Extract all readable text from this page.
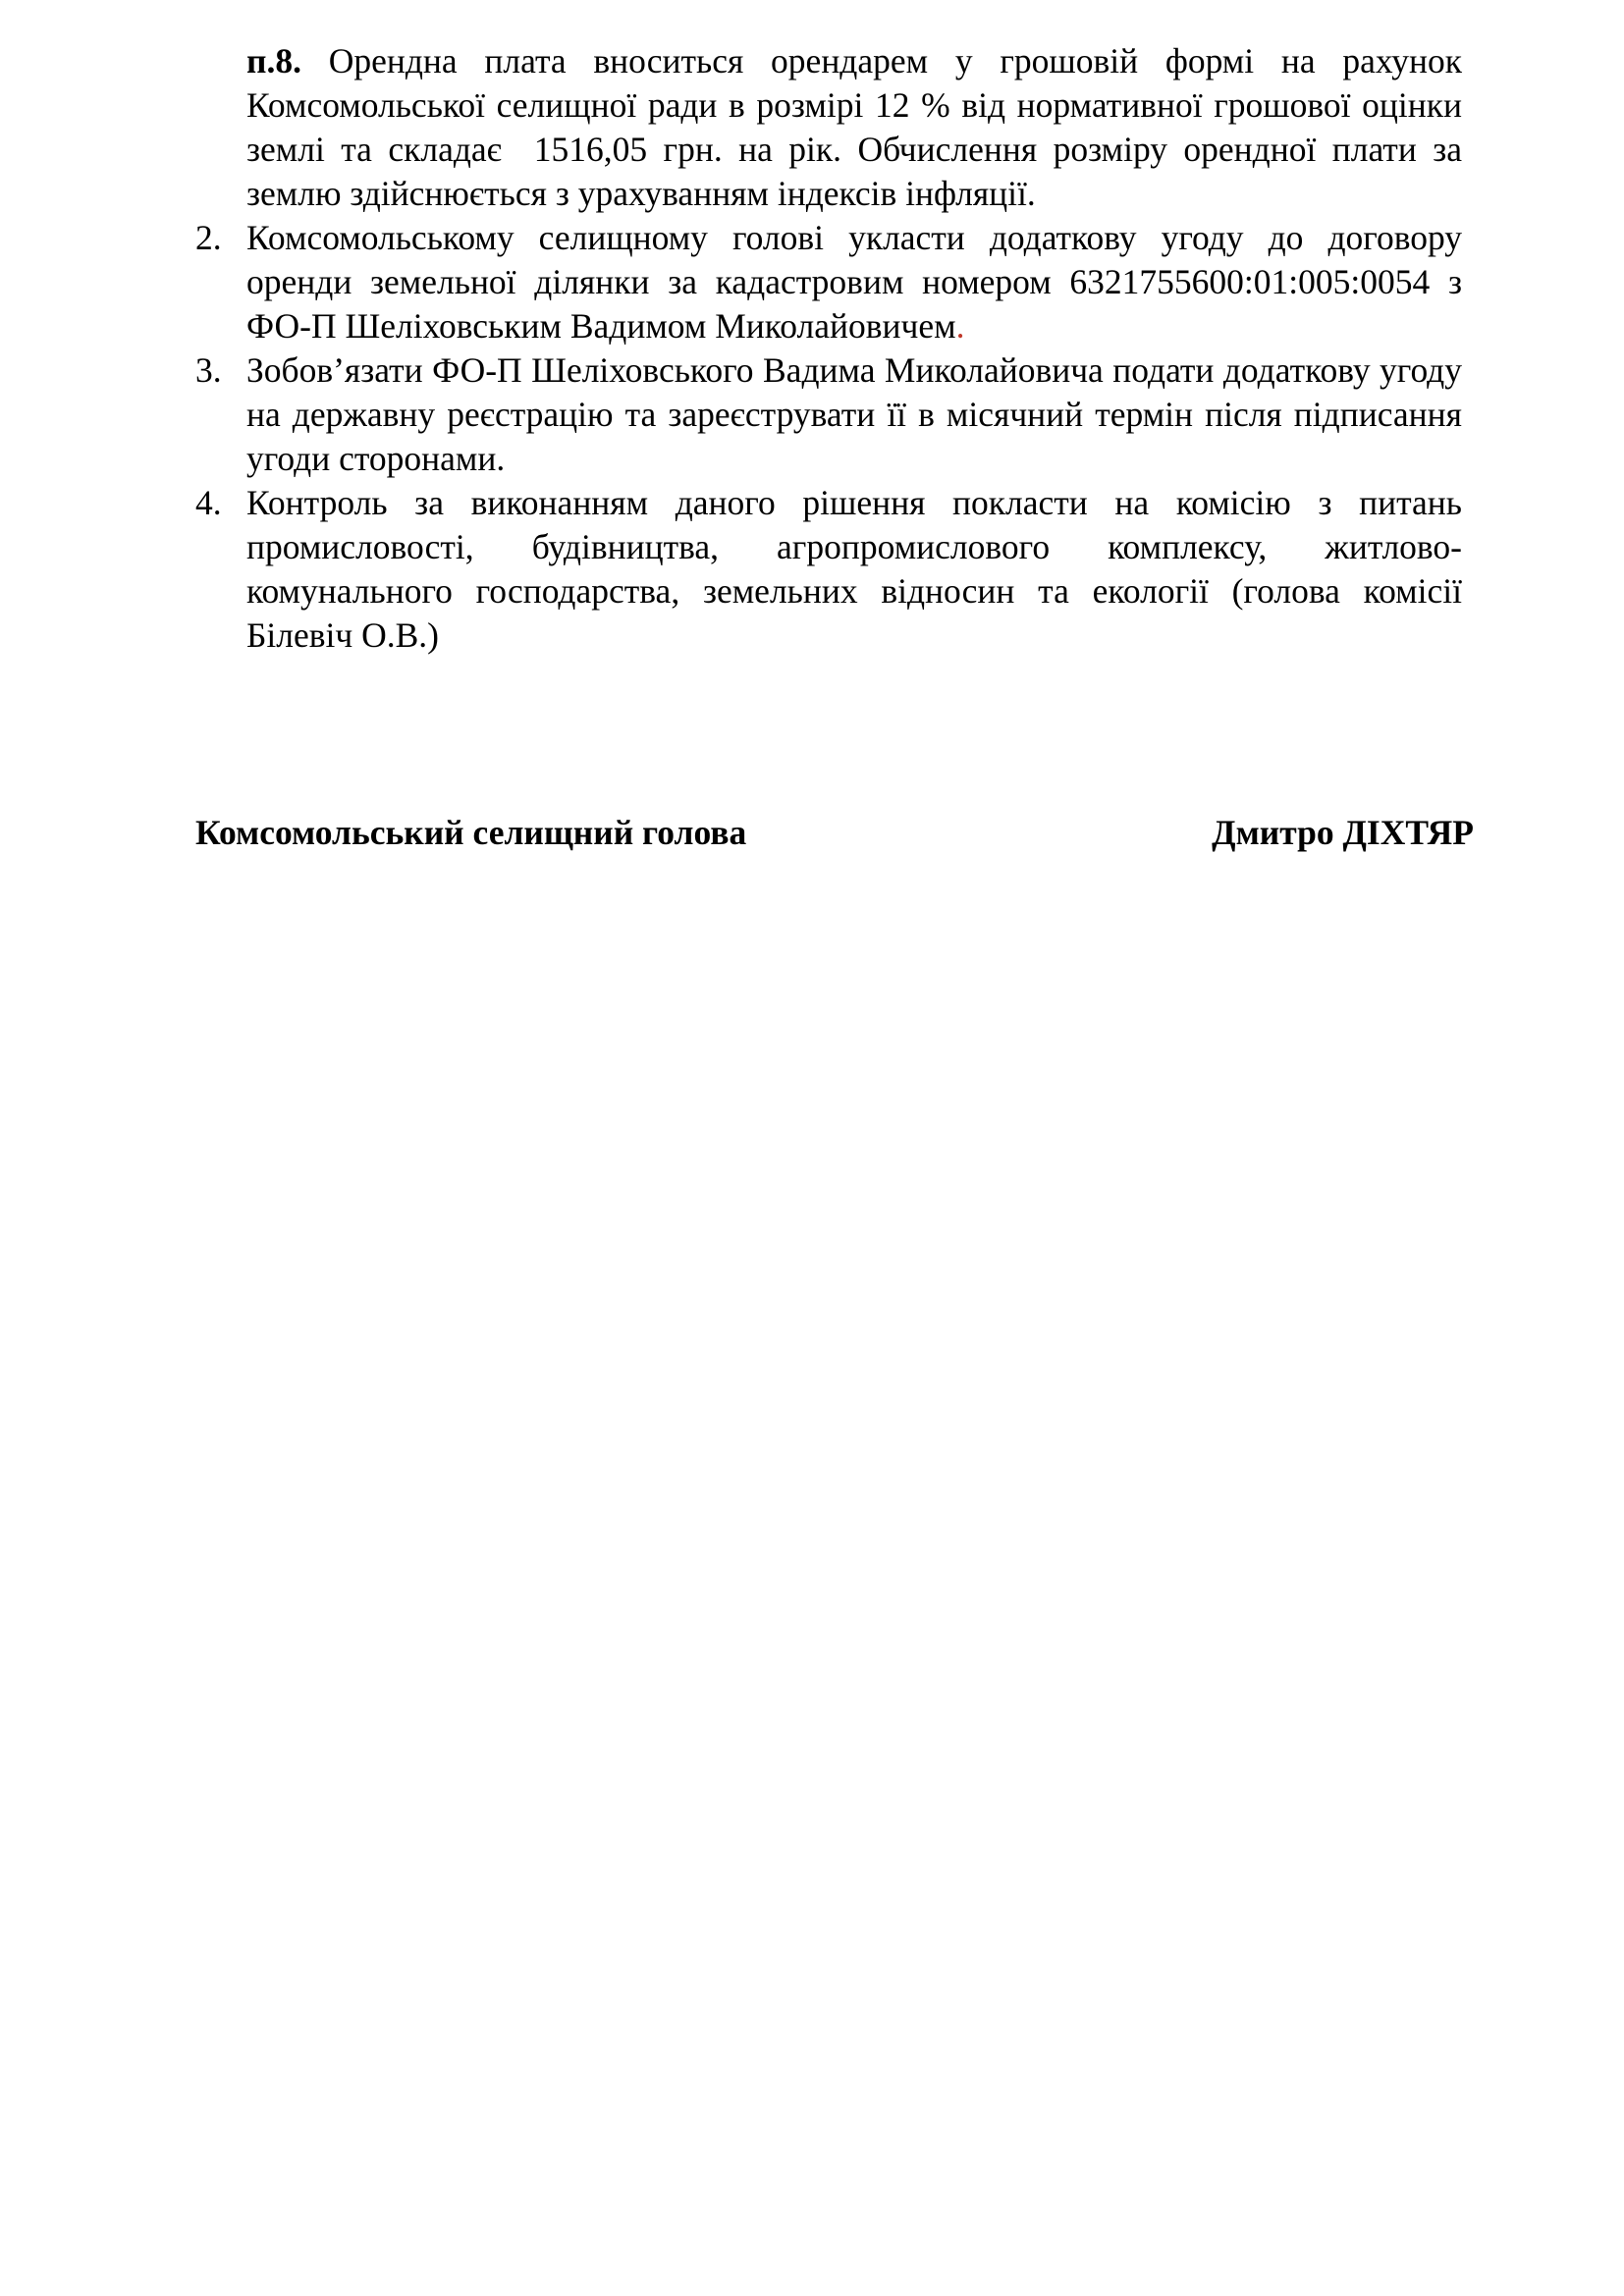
п.8. Орендна плата вноситься орендарем у грошовій формі на рахунок Комсомольської селищної ради в розмірі 12 % від нормативної грошової оцінки землі та складає 1516,05 грн. на рік. Обчислення розміру орендної плати за землю здійснюється з урахуванням індексів інфляції.

2. Комсомольському селищному голові укласти додаткову угоду до договору оренди земельної ділянки за кадастровим номером 6321755600:01:005:0054 з ФО-П Шеліховським Вадимом Миколайовичем.
3. Зобов’язати ФО-П Шеліховського Вадима Миколайовича подати додаткову угоду на державну реєстрацію та зареєструвати її в місячний термін після підписання угоди сторонами.
4. Контроль за виконанням даного рішення покласти на комісію з питань промисловості, будівництва, агропромислового комплексу, житлово-комунального господарства, земельних відносин та екології (голова комісії Білевіч О.В.)
Комсомольський селищний голова	Дмитро ДІХТЯР
